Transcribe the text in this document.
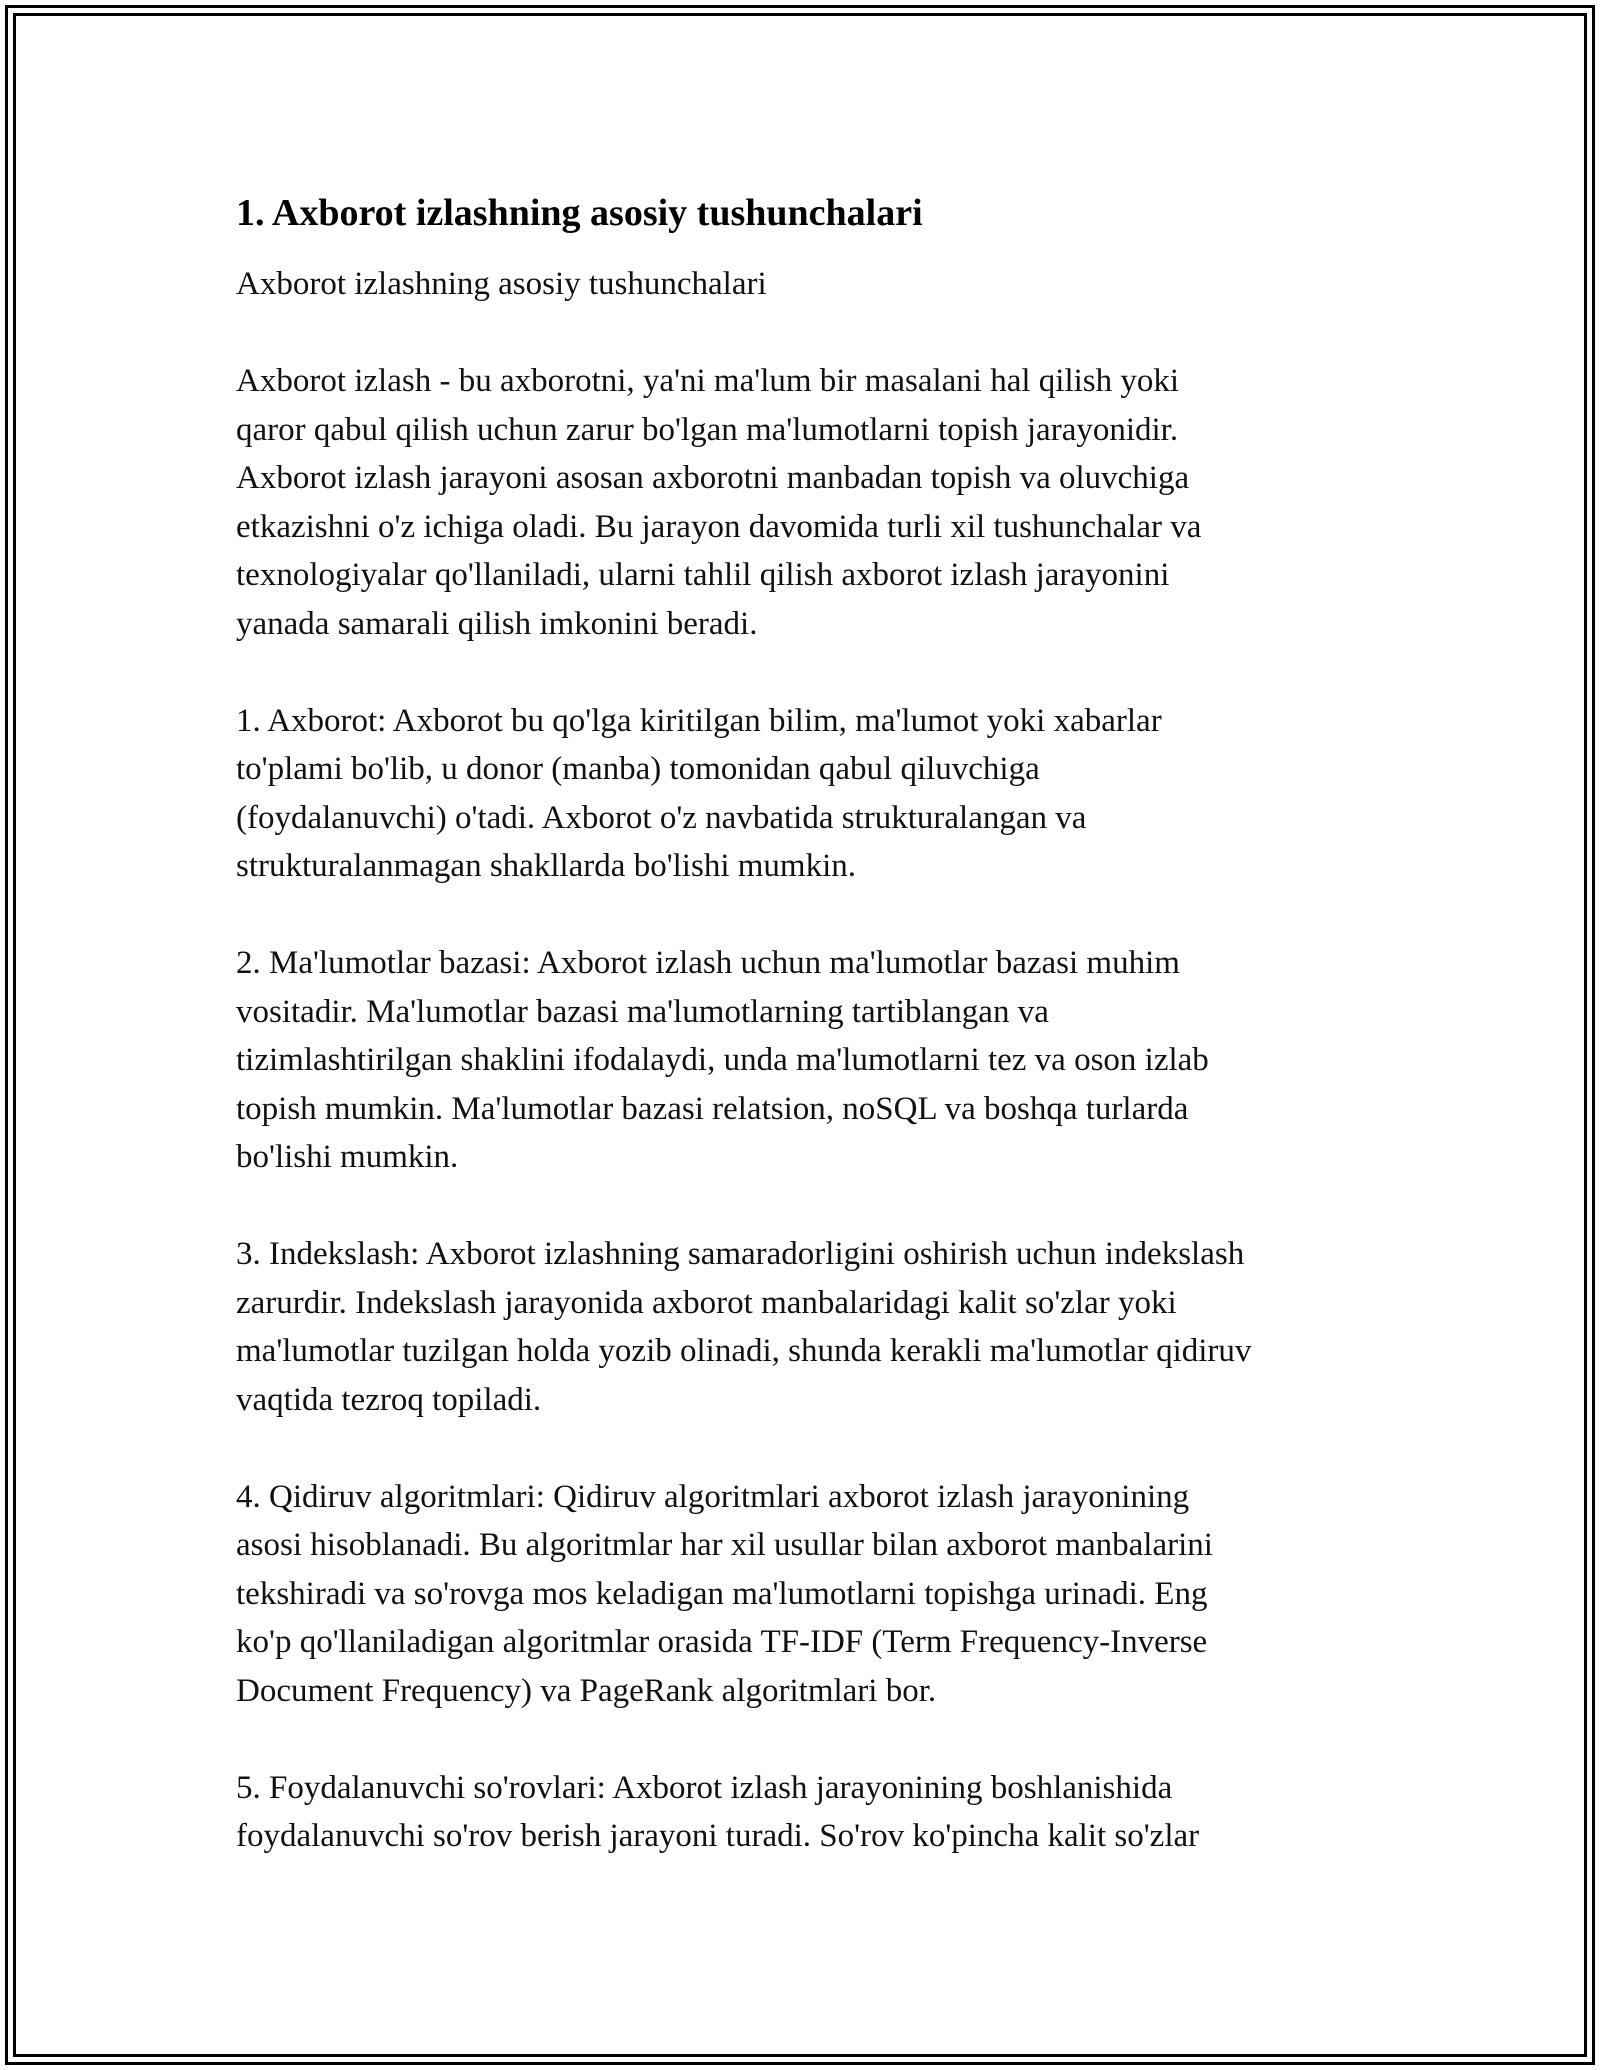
1. Axborot izlashning asosiy tushunchalari

Axborot izlashning asosiy tushunchalari

Axborot izlash - bu axborotni, ya'ni ma'lum bir masalani hal qilish yoki
qaror qabul qilish uchun zarur bo'lgan ma'lumotlarni topish jarayonidir.
Axborot izlash jarayoni asosan axborotni manbadan topish va oluvchiga
etkazishni o'z ichiga oladi. Bu jarayon davomida turli xil tushunchalar va
texnologiyalar qo'llaniladi, ularni tahlil qilish axborot izlash jarayonini
yanada samarali qilish imkonini beradi.

1. Axborot: Axborot bu qo'lga kiritilgan bilim, ma'lumot yoki xabarlar
to'plami bo'lib, u donor (manba) tomonidan qabul qiluvchiga
(foydalanuvchi) o'tadi. Axborot o'z navbatida strukturalangan va
strukturalanmagan shakllarda bo'lishi mumkin.

2. Ma'lumotlar bazasi: Axborot izlash uchun ma'lumotlar bazasi muhim
vositadir. Ma'lumotlar bazasi ma'lumotlarning tartiblangan va
tizimlashtirilgan shaklini ifodalaydi, unda ma'lumotlarni tez va oson izlab
topish mumkin. Ma'lumotlar bazasi relatsion, noSQL va boshqa turlarda
bo'lishi mumkin.

3. Indekslash: Axborot izlashning samaradorligini oshirish uchun indekslash
zarurdir. Indekslash jarayonida axborot manbalaridagi kalit so'zlar yoki
ma'lumotlar tuzilgan holda yozib olinadi, shunda kerakli ma'lumotlar qidiruv
vaqtida tezroq topiladi.

4. Qidiruv algoritmlari: Qidiruv algoritmlari axborot izlash jarayonining
asosi hisoblanadi. Bu algoritmlar har xil usullar bilan axborot manbalarini
tekshiradi va so'rovga mos keladigan ma'lumotlarni topishga urinadi. Eng
ko'p qo'llaniladigan algoritmlar orasida TF-IDF (Term Frequency-Inverse
Document Frequency) va PageRank algoritmlari bor.

5. Foydalanuvchi so'rovlari: Axborot izlash jarayonining boshlanishida
foydalanuvchi so'rov berish jarayoni turadi. So'rov ko'pincha kalit so'zlar
